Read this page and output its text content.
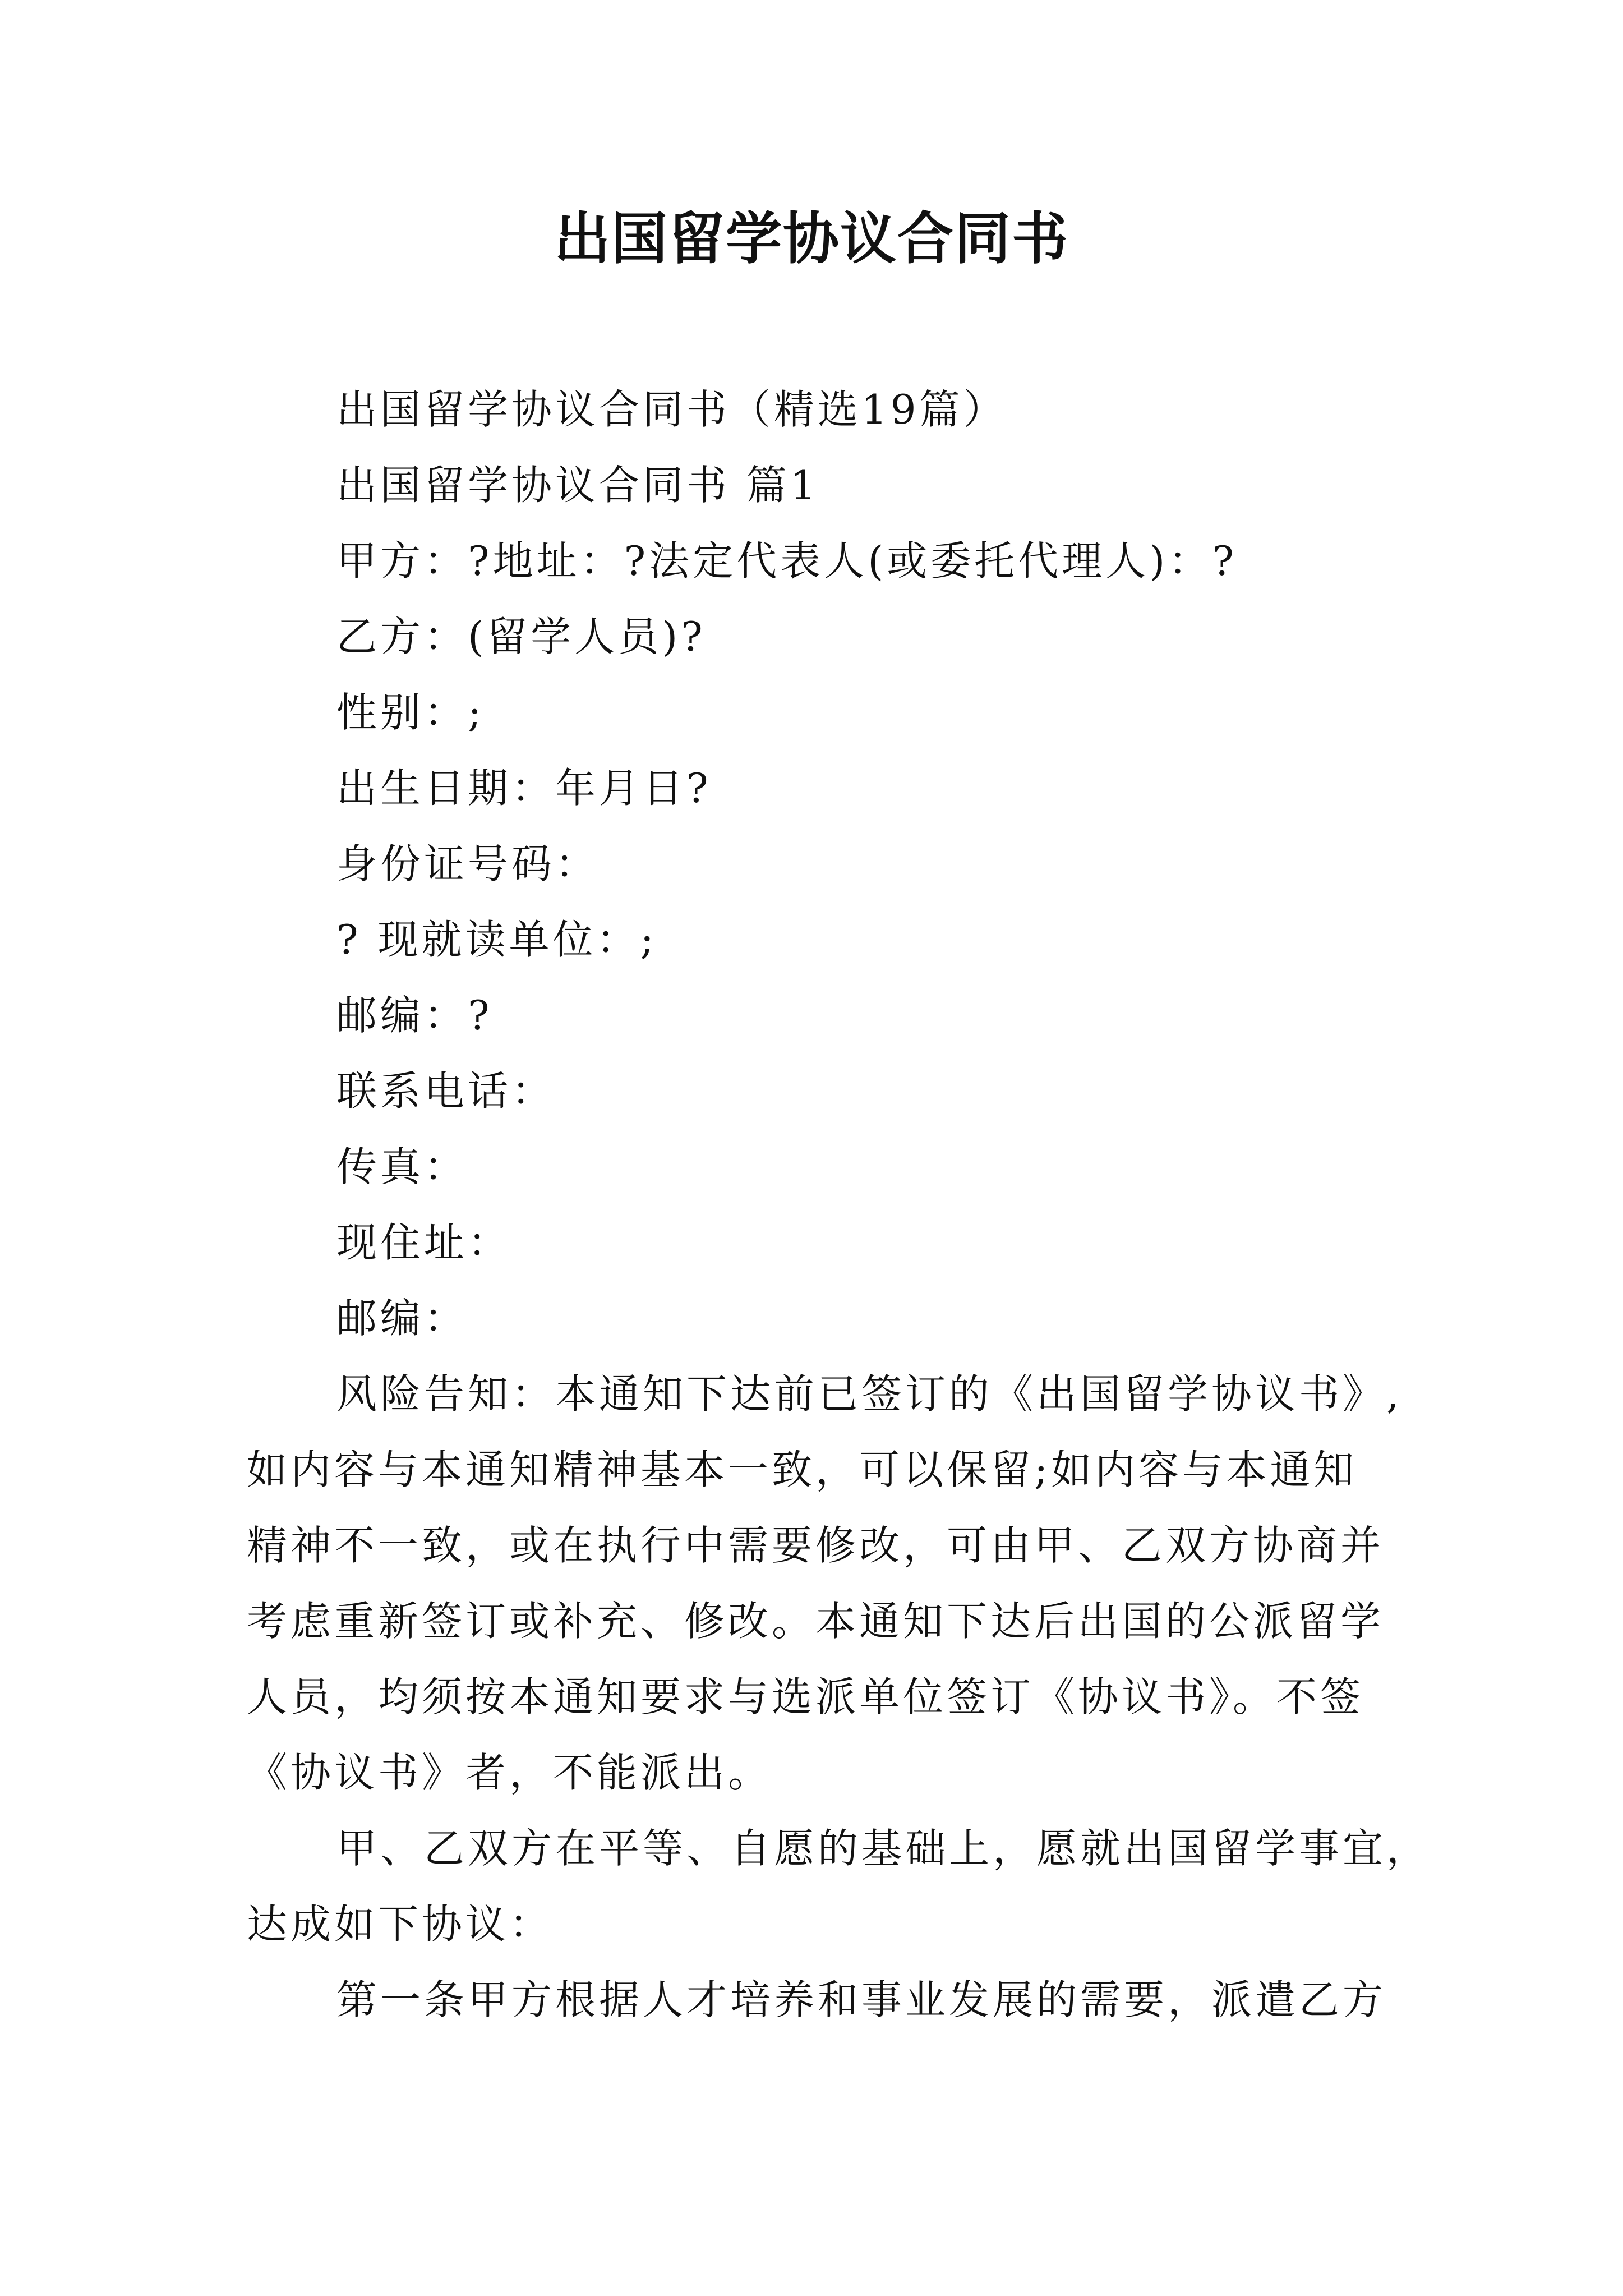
出国留学协议合同书
出国留学协议合同书（精选19篇）
出国留学协议合同书 篇1
甲方：?地址：?法定代表人(或委托代理人)：?
乙方：(留学人员)?
性别：;
出生日期：年月日?
身份证号码：
? 现就读单位：;
邮编：?
联系电话：
传真：
现住址：
邮编：
风险告知：本通知下达前已签订的《出国留学协议书》,
如内容与本通知精神基本一致，可以保留;如内容与本通知
精神不一致，或在执行中需要修改，可由甲、乙双方协商并
考虑重新签订或补充、修改。本通知下达后出国的公派留学
人员，均须按本通知要求与选派单位签订《协议书》。不签
《协议书》者，不能派出。
甲、乙双方在平等、自愿的基础上，愿就出国留学事宜，
达成如下协议：
第一条甲方根据人才培养和事业发展的需要，派遣乙方
